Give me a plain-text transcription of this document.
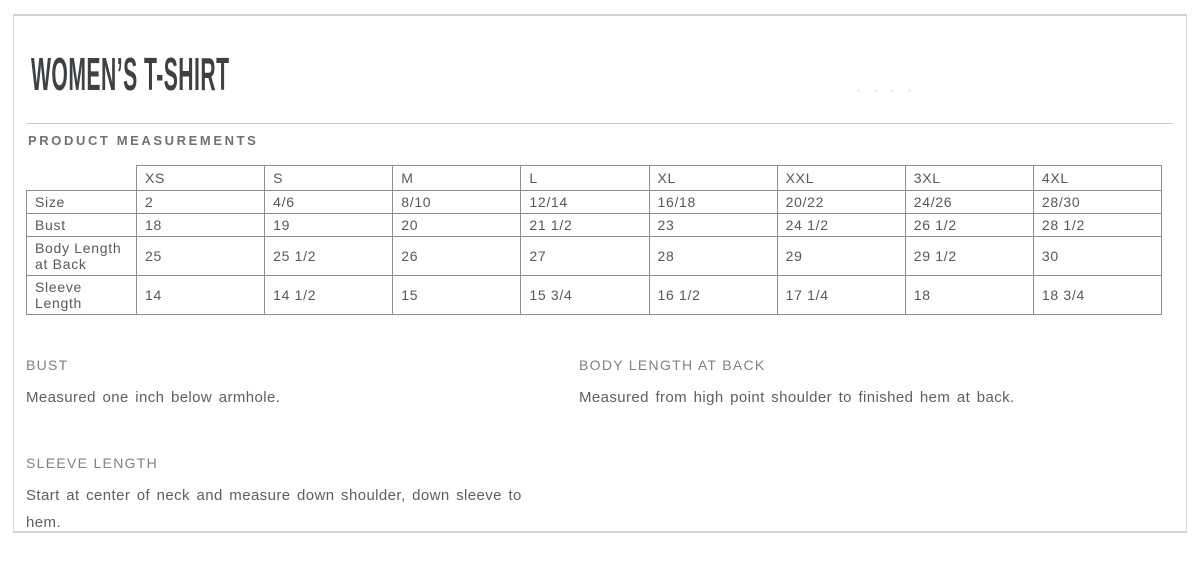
WOMEN’S T-SHIRT
PRODUCT MEASUREMENTS
	XS	S	M	L	XL	XXL	3XL	4XL
Size	2	4/6	8/10	12/14	16/18	20/22	24/26	28/30
Bust	18	19	20	21 1/2	23	24 1/2	26 1/2	28 1/2
Body Length at Back	25	25 1/2	26	27	28	29	29 1/2	30
Sleeve Length	14	14 1/2	15	15 3/4	16 1/2	17 1/4	18	18 3/4
BUST

Measured one inch below armhole.

BODY LENGTH AT BACK

Measured from high point shoulder to finished hem at back.

SLEEVE LENGTH

Start at center of neck and measure down shoulder, down sleeve to hem.
